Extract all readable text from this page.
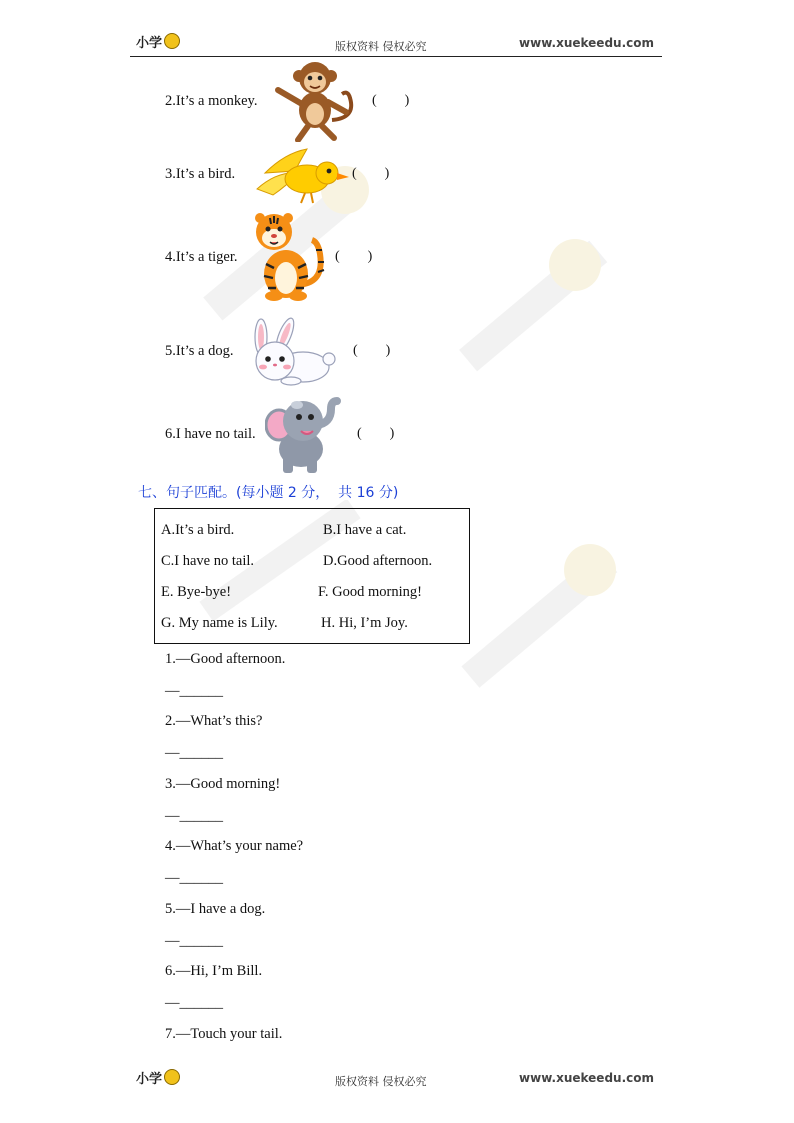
小学	版权资料 侵权必究	www.xuekeedu.com
2.It’s a monkey.	(        )
3.It’s a bird.	(        )
4.It’s a tiger.	(        )
5.It’s a dog.	(        )
6.I have no tail.	(        )
七、句子匹配。(每小题 2 分，  共 16 分)
A.It’s a bird.	B.I have a cat.
C.I have no tail.	D.Good afternoon.
E. Bye-bye!	F. Good morning!
G. My name is Lily.	H. Hi, I’m Joy.
1.—Good afternoon.
—______
2.—What’s this?
—______
3.—Good morning!
—______
4.—What’s your name?
—______
5.—I have a dog.
—______
6.—Hi, I’m Bill.
—______
7.—Touch your tail.
小学	版权资料 侵权必究	www.xuekeedu.com
